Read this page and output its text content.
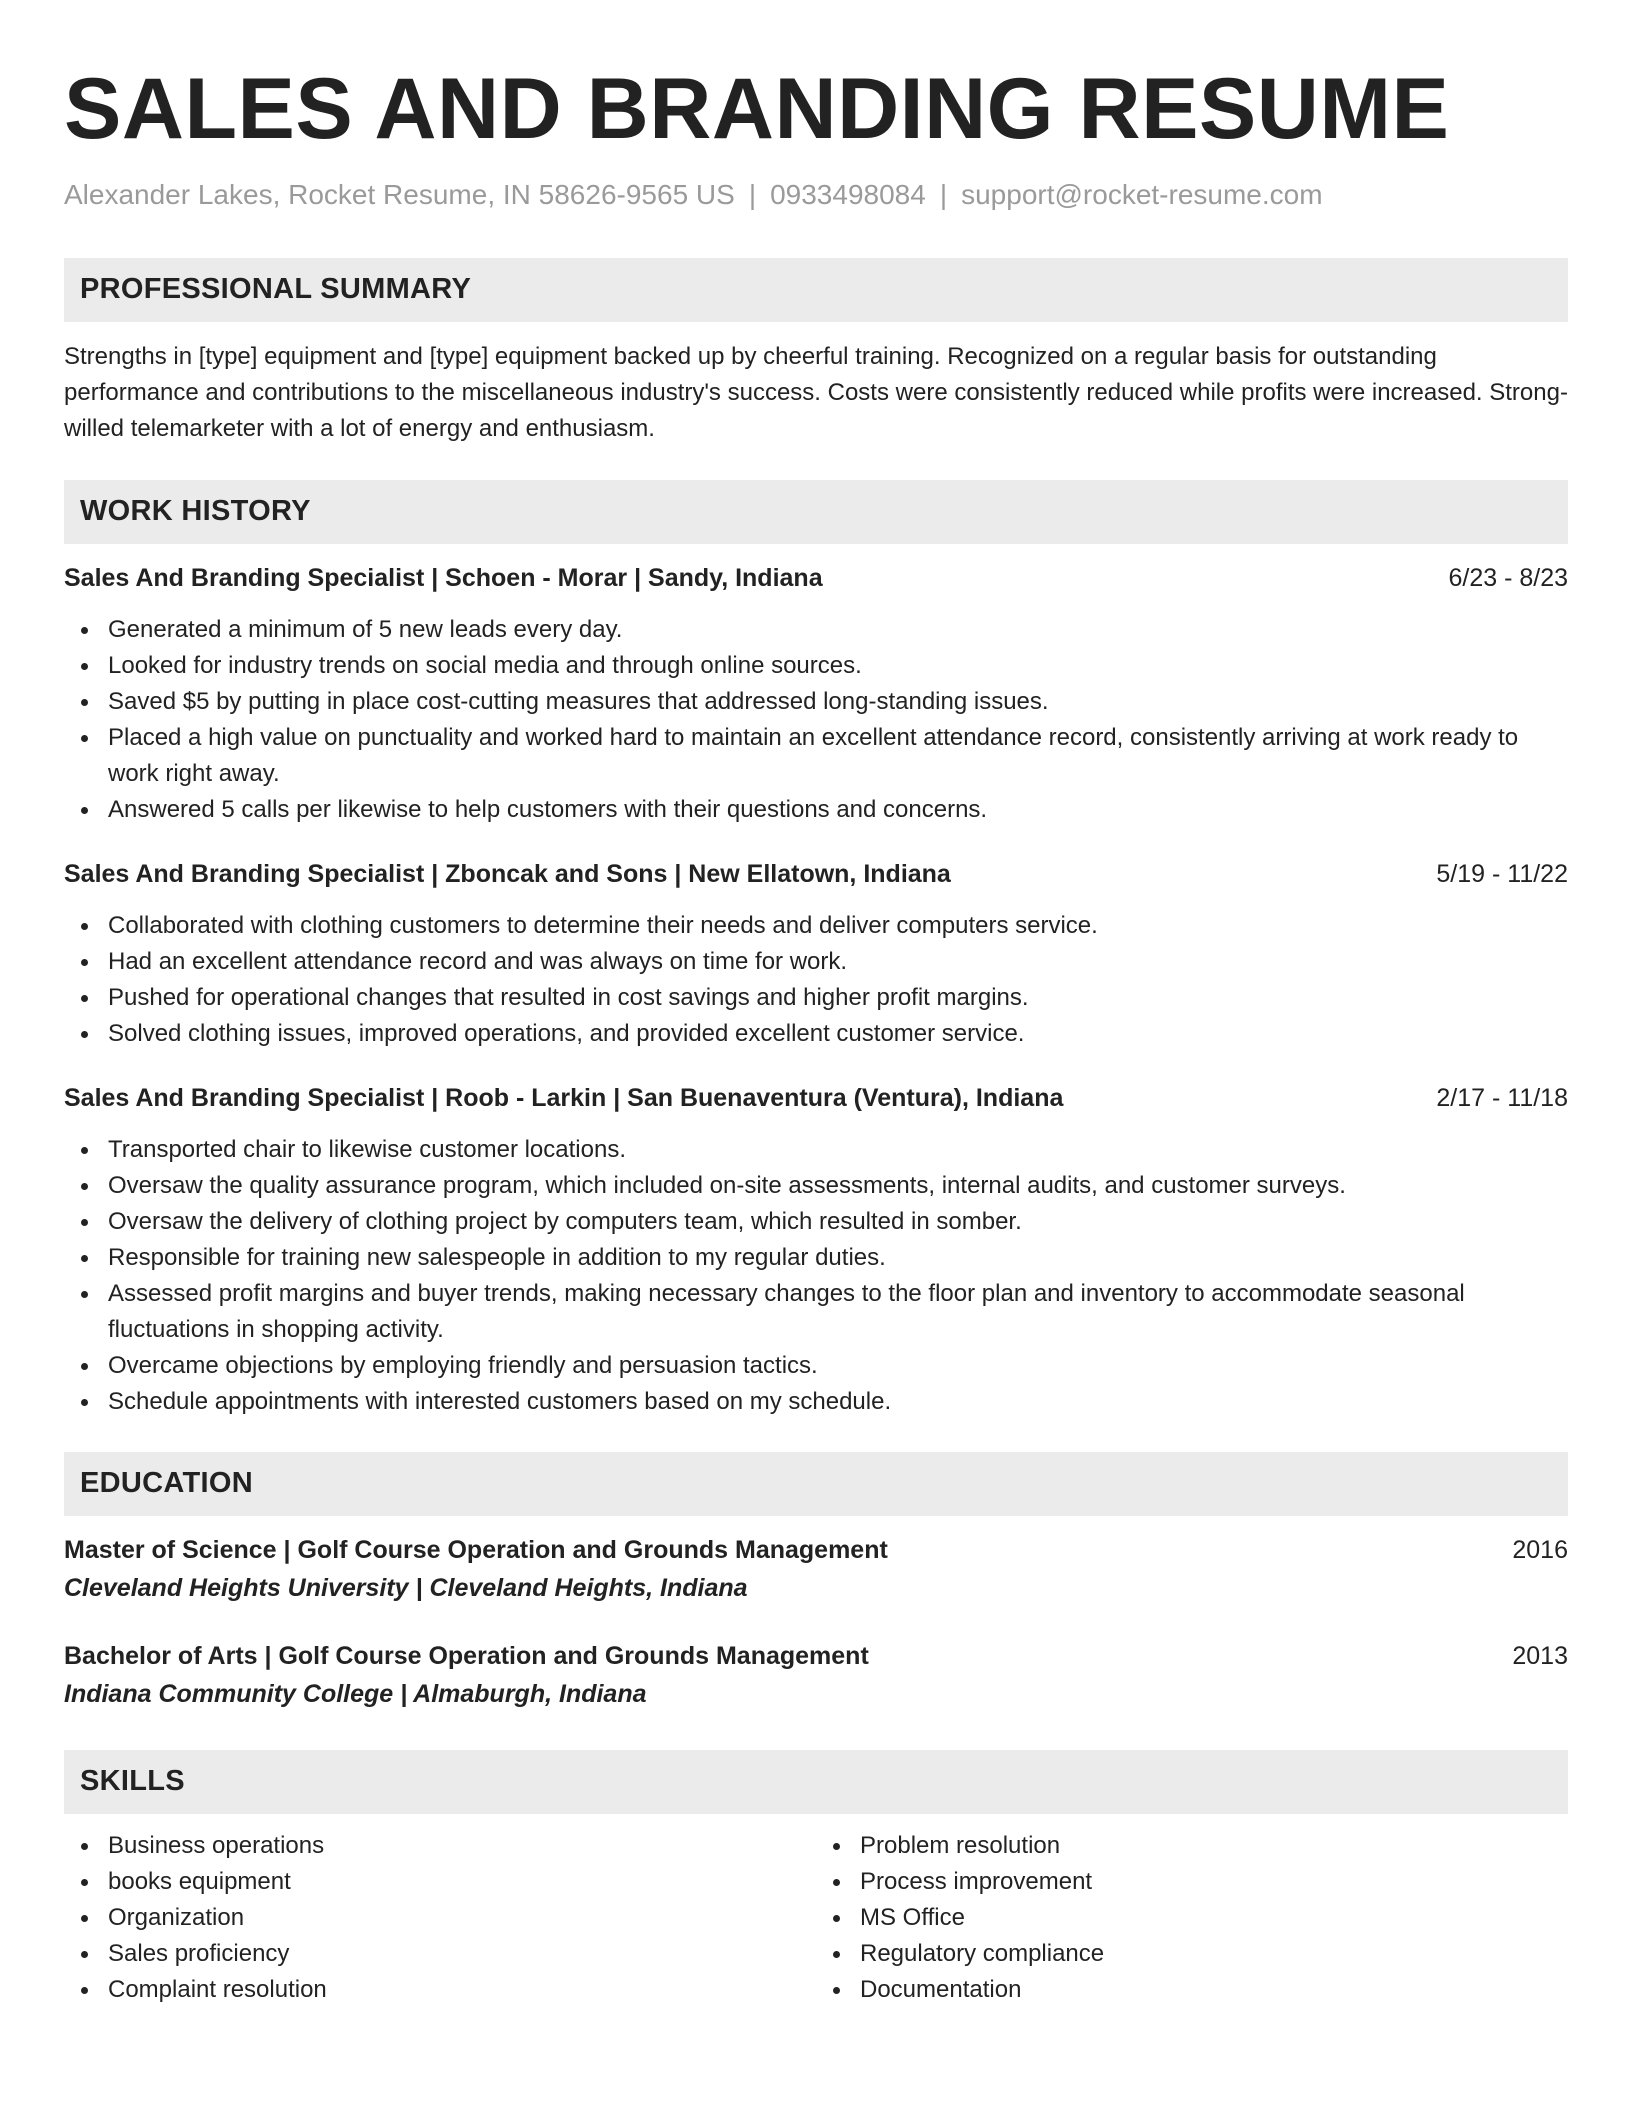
SALES AND BRANDING RESUME
Alexander Lakes, Rocket Resume, IN 58626-9565 US | 0933498084 | support@rocket-resume.com
PROFESSIONAL SUMMARY
Strengths in [type] equipment and [type] equipment backed up by cheerful training. Recognized on a regular basis for outstanding performance and contributions to the miscellaneous industry's success. Costs were consistently reduced while profits were increased. Strong-willed telemarketer with a lot of energy and enthusiasm.
WORK HISTORY
Sales And Branding Specialist | Schoen - Morar | Sandy, Indiana	6/23 - 8/23
Generated a minimum of 5 new leads every day.
Looked for industry trends on social media and through online sources.
Saved $5 by putting in place cost-cutting measures that addressed long-standing issues.
Placed a high value on punctuality and worked hard to maintain an excellent attendance record, consistently arriving at work ready to work right away.
Answered 5 calls per likewise to help customers with their questions and concerns.
Sales And Branding Specialist | Zboncak and Sons | New Ellatown, Indiana	5/19 - 11/22
Collaborated with clothing customers to determine their needs and deliver computers service.
Had an excellent attendance record and was always on time for work.
Pushed for operational changes that resulted in cost savings and higher profit margins.
Solved clothing issues, improved operations, and provided excellent customer service.
Sales And Branding Specialist | Roob - Larkin | San Buenaventura (Ventura), Indiana	2/17 - 11/18
Transported chair to likewise customer locations.
Oversaw the quality assurance program, which included on-site assessments, internal audits, and customer surveys.
Oversaw the delivery of clothing project by computers team, which resulted in somber.
Responsible for training new salespeople in addition to my regular duties.
Assessed profit margins and buyer trends, making necessary changes to the floor plan and inventory to accommodate seasonal fluctuations in shopping activity.
Overcame objections by employing friendly and persuasion tactics.
Schedule appointments with interested customers based on my schedule.
EDUCATION
Master of Science | Golf Course Operation and Grounds Management	2016
Cleveland Heights University | Cleveland Heights, Indiana
Bachelor of Arts | Golf Course Operation and Grounds Management	2013
Indiana Community College | Almaburgh, Indiana
SKILLS
Business operations
books equipment
Organization
Sales proficiency
Complaint resolution
Problem resolution
Process improvement
MS Office
Regulatory compliance
Documentation
